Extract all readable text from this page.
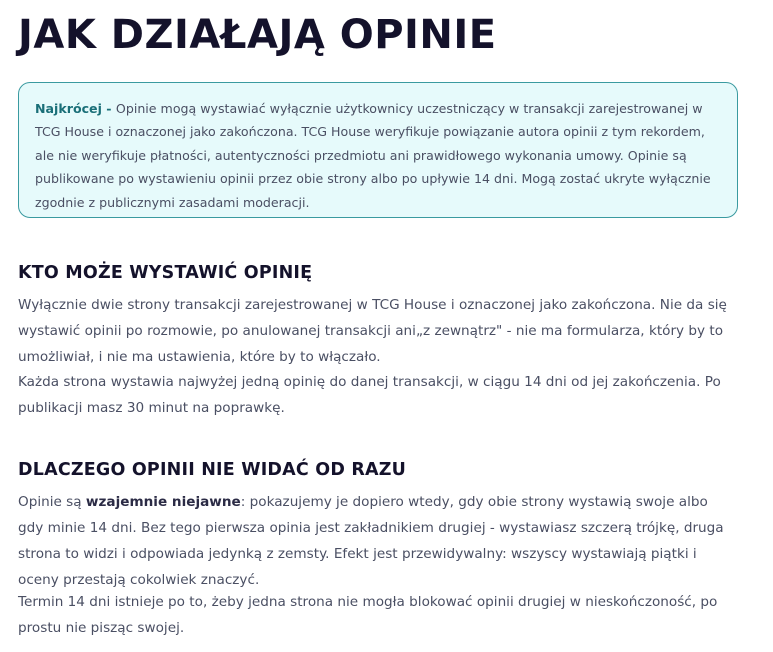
JAK DZIAŁAJĄ OPINIE
Najkrócej - Opinie mogą wystawiać wyłącznie użytkownicy uczestniczący w transakcji zarejestrowanej w TCG House i oznaczonej jako zakończona. TCG House weryfikuje powiązanie autora opinii z tym rekordem, ale nie weryfikuje płatności, autentyczności przedmiotu ani prawidłowego wykonania umowy. Opinie są publikowane po wystawieniu opinii przez obie strony albo po upływie 14 dni. Mogą zostać ukryte wyłącznie zgodnie z publicznymi zasadami moderacji.
KTO MOŻE WYSTAWIĆ OPINIĘ

Wyłącznie dwie strony transakcji zarejestrowanej w TCG House i oznaczonej jako zakończona. Nie da się wystawić opinii po rozmowie, po anulowanej transakcji ani„z zewnątrz" - nie ma formularza, który by to umożliwiał, i nie ma ustawienia, które by to włączało.

Każda strona wystawia najwyżej jedną opinię do danej transakcji, w ciągu 14 dni od jej zakończenia. Po publikacji masz 30 minut na poprawkę.

DLACZEGO OPINII NIE WIDAĆ OD RAZU

Opinie są wzajemnie niejawne: pokazujemy je dopiero wtedy, gdy obie strony wystawią swoje albo gdy minie 14 dni. Bez tego pierwsza opinia jest zakładnikiem drugiej - wystawiasz szczerą trójkę, druga strona to widzi i odpowiada jedynką z zemsty. Efekt jest przewidywalny: wszyscy wystawiają piątki i oceny przestają cokolwiek znaczyć.

Termin 14 dni istnieje po to, żeby jedna strona nie mogła blokować opinii drugiej w nieskończoność, po prostu nie pisząc swojej.
